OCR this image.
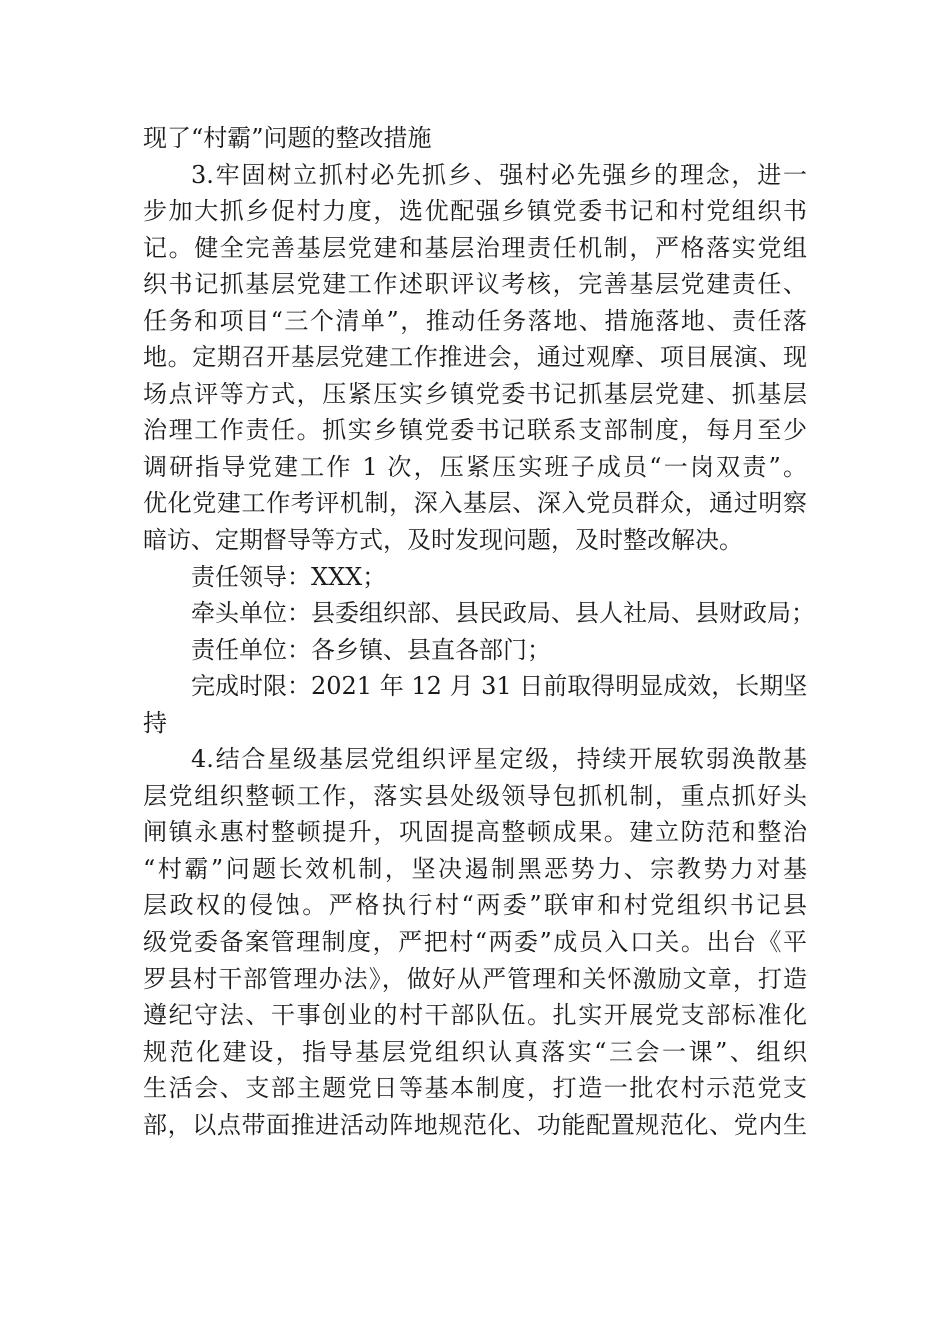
现了“村霸”问题的整改措施
3.牢固树立抓村必先抓乡、强村必先强乡的理念，进一
步加大抓乡促村力度，选优配强乡镇党委书记和村党组织书
记。健全完善基层党建和基层治理责任机制，严格落实党组
织书记抓基层党建工作述职评议考核，完善基层党建责任、
任务和项目“三个清单”，推动任务落地、措施落地、责任落
地。定期召开基层党建工作推进会，通过观摩、项目展演、现
场点评等方式，压紧压实乡镇党委书记抓基层党建、抓基层
治理工作责任。抓实乡镇党委书记联系支部制度，每月至少
调研指导党建工作 1 次，压紧压实班子成员“一岗双责”。
优化党建工作考评机制，深入基层、深入党员群众，通过明察
暗访、定期督导等方式，及时发现问题，及时整改解决。
责任领导：XXX；
牵头单位：县委组织部、县民政局、县人社局、县财政局；
责任单位：各乡镇、县直各部门；
完成时限：2021 年 12 月 31 日前取得明显成效，长期坚
持
4.结合星级基层党组织评星定级，持续开展软弱涣散基
层党组织整顿工作，落实县处级领导包抓机制，重点抓好头
闸镇永惠村整顿提升，巩固提高整顿成果。建立防范和整治
“村霸”问题长效机制，坚决遏制黑恶势力、宗教势力对基
层政权的侵蚀。严格执行村“两委”联审和村党组织书记县
级党委备案管理制度，严把村“两委”成员入口关。出台《平
罗县村干部管理办法》，做好从严管理和关怀激励文章，打造
遵纪守法、干事创业的村干部队伍。扎实开展党支部标准化
规范化建设，指导基层党组织认真落实“三会一课”、组织
生活会、支部主题党日等基本制度，打造一批农村示范党支
部，以点带面推进活动阵地规范化、功能配置规范化、党内生
